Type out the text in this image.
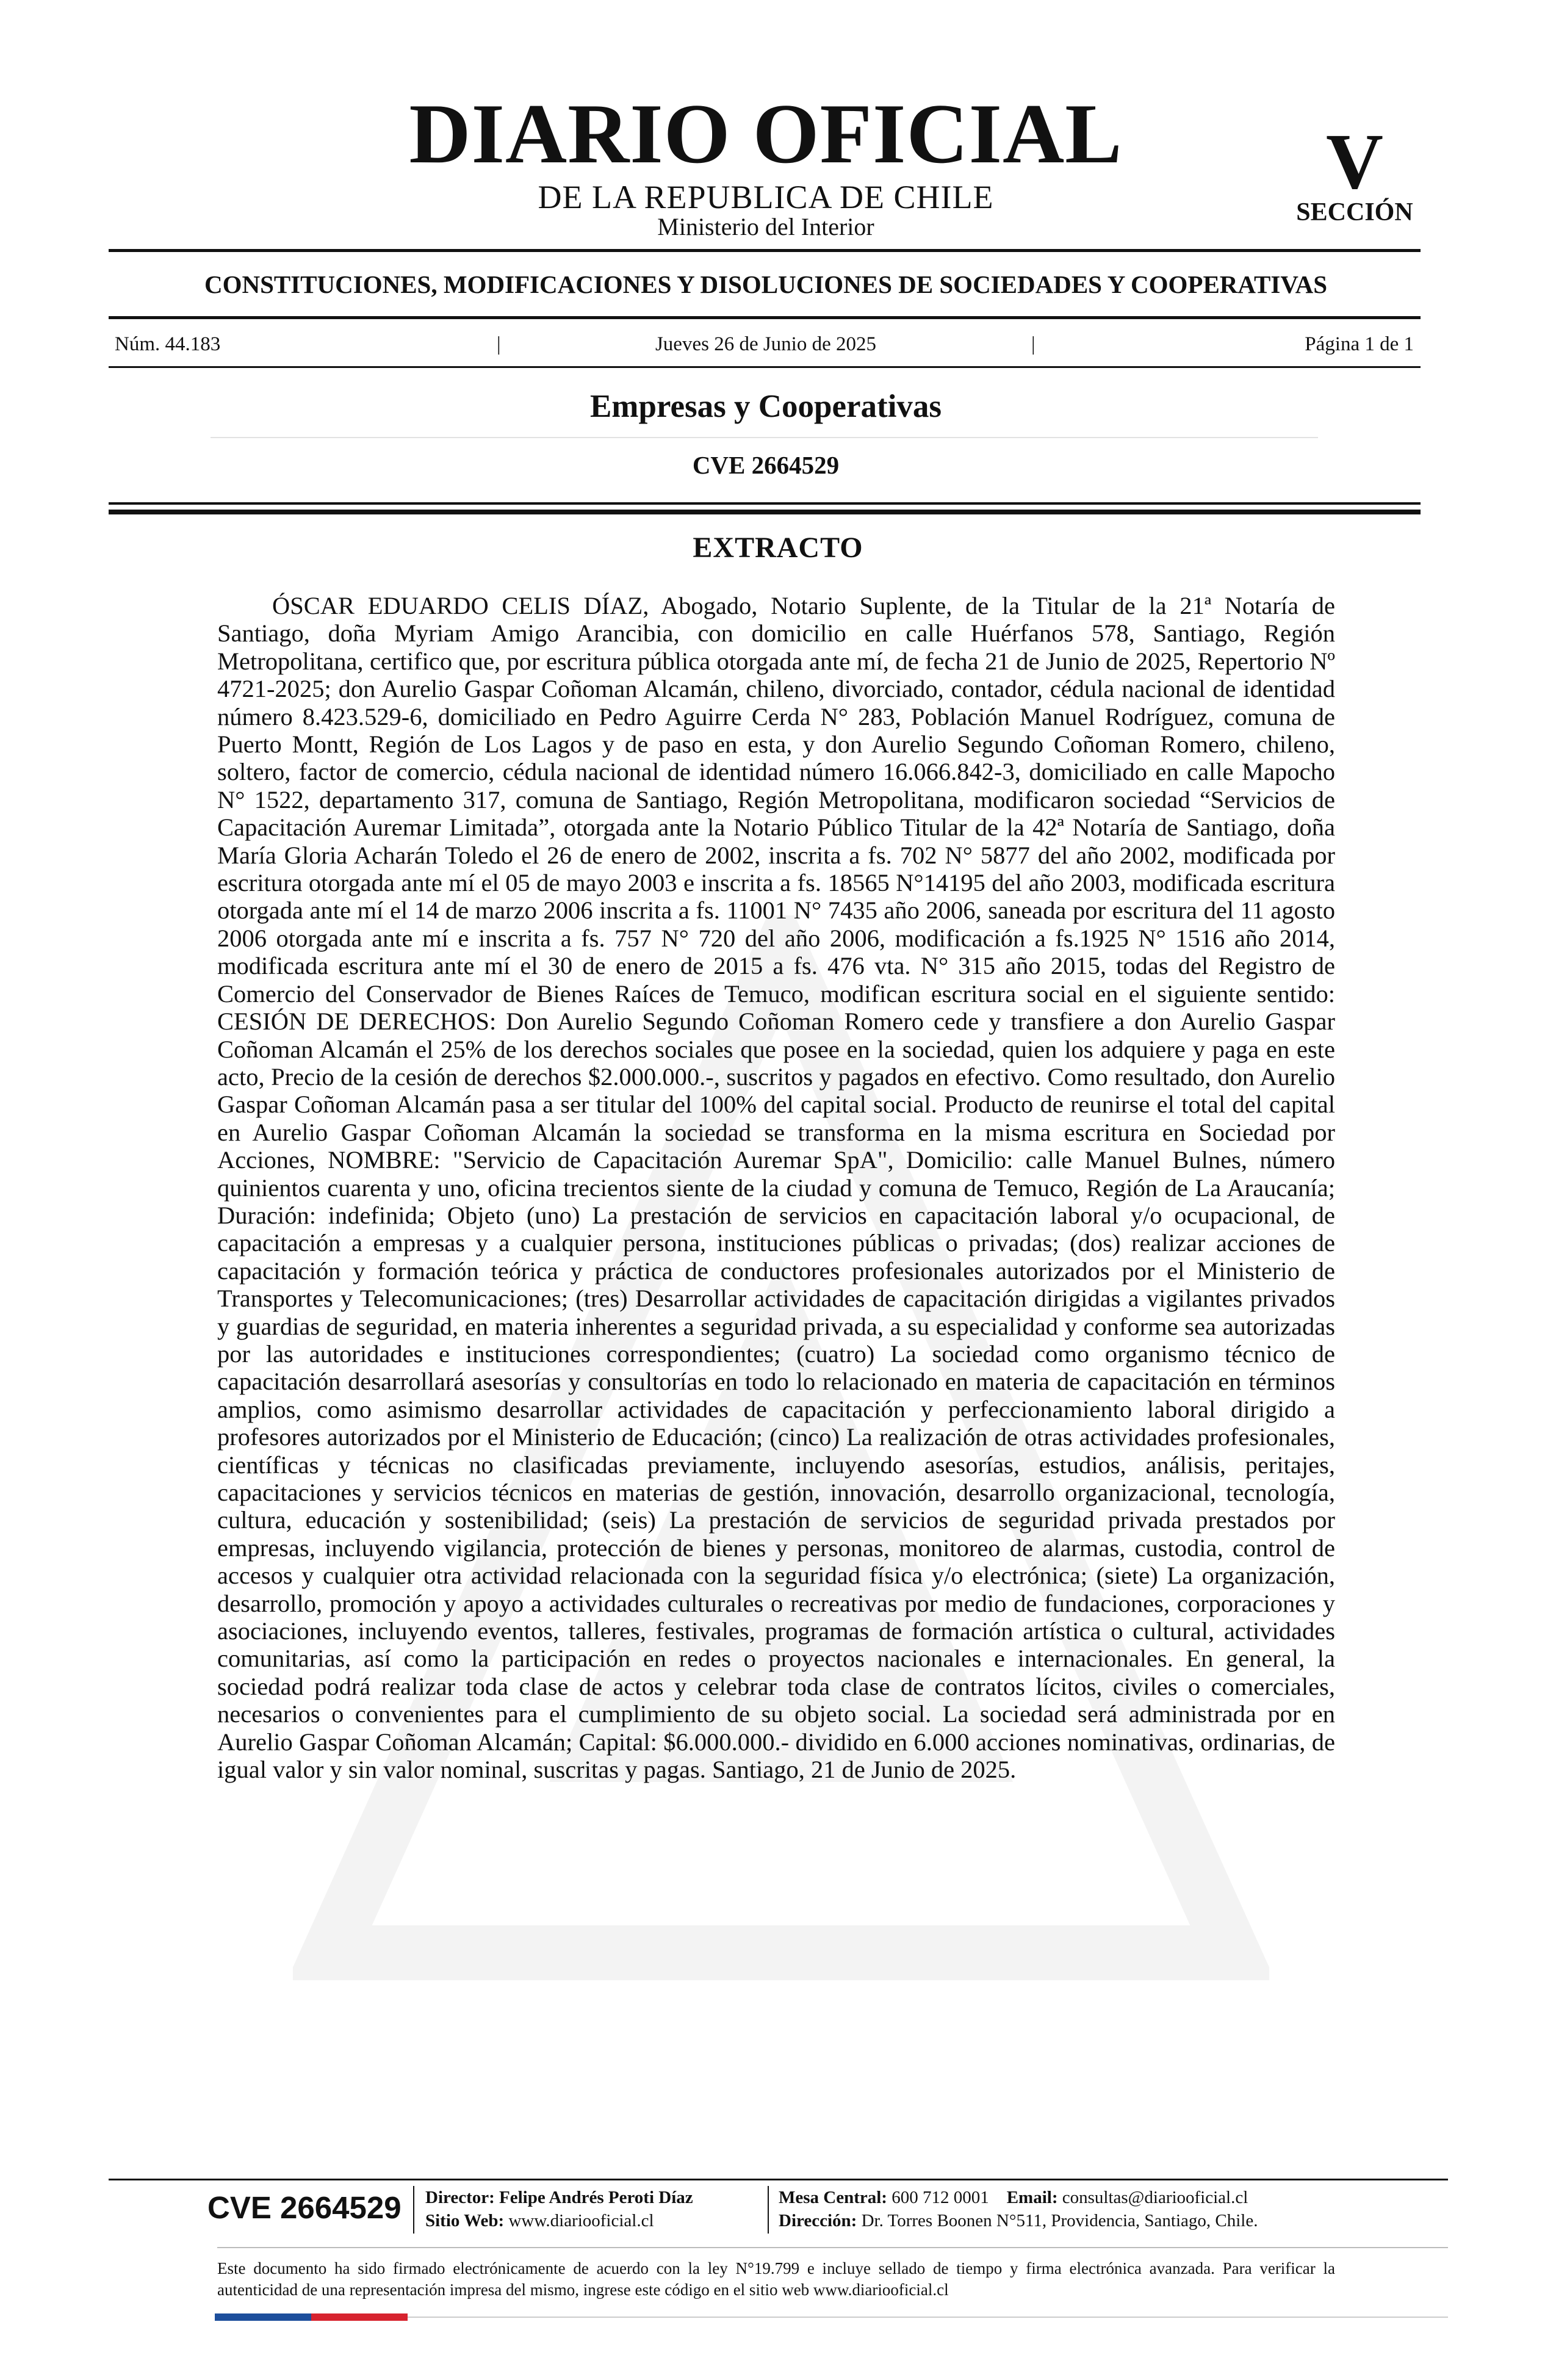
DIARIO OFICIAL
DE LA REPUBLICA DE CHILE
Ministerio del Interior
V
SECCIÓN
CONSTITUCIONES, MODIFICACIONES Y DISOLUCIONES DE SOCIEDADES Y COOPERATIVAS
Núm. 44.183	|	Jueves 26 de Junio de 2025	|	Página 1 de 1
Empresas y Cooperativas
CVE 2664529
EXTRACTO

ÓSCAR EDUARDO CELIS DÍAZ, Abogado, Notario Suplente, de la Titular de la 21ª Notaría de Santiago, doña Myriam Amigo Arancibia, con domicilio en calle Huérfanos 578, Santiago, Región Metropolitana, certifico que, por escritura pública otorgada ante mí, de fecha 21 de Junio de 2025, Repertorio Nº 4721-2025; don Aurelio Gaspar Coñoman Alcamán, chileno, divorciado, contador, cédula nacional de identidad número 8.423.529-6, domiciliado en Pedro Aguirre Cerda N° 283, Población Manuel Rodríguez, comuna de Puerto Montt, Región de Los Lagos y de paso en esta, y don Aurelio Segundo Coñoman Romero, chileno, soltero, factor de comercio, cédula nacional de identidad número 16.066.842-3, domiciliado en calle Mapocho N° 1522, departamento 317, comuna de Santiago, Región Metropolitana, modificaron sociedad “Servicios de Capacitación Auremar Limitada”, otorgada ante la Notario Público Titular de la 42ª Notaría de Santiago, doña María Gloria Acharán Toledo el 26 de enero de 2002, inscrita a fs. 702 N° 5877 del año 2002, modificada por escritura otorgada ante mí el 05 de mayo 2003 e inscrita a fs. 18565 N°14195 del año 2003, modificada escritura otorgada ante mí el 14 de marzo 2006 inscrita a fs. 11001 N° 7435 año 2006, saneada por escritura del 11 agosto 2006 otorgada ante mí e inscrita a fs. 757 N° 720 del año 2006, modificación a fs.1925 N° 1516 año 2014, modificada escritura ante mí el 30 de enero de 2015 a fs. 476 vta. N° 315 año 2015, todas del Registro de Comercio del Conservador de Bienes Raíces de Temuco, modifican escritura social en el siguiente sentido: CESIÓN DE DERECHOS: Don Aurelio Segundo Coñoman Romero cede y transfiere a don Aurelio Gaspar Coñoman Alcamán el 25% de los derechos sociales que posee en la sociedad, quien los adquiere y paga en este acto, Precio de la cesión de derechos $2.000.000.-, suscritos y pagados en efectivo. Como resultado, don Aurelio Gaspar Coñoman Alcamán pasa a ser titular del 100% del capital social. Producto de reunirse el total del capital en Aurelio Gaspar Coñoman Alcamán la sociedad se transforma en la misma escritura en Sociedad por Acciones, NOMBRE: "Servicio de Capacitación Auremar SpA", Domicilio: calle Manuel Bulnes, número quinientos cuarenta y uno, oficina trecientos siente de la ciudad y comuna de Temuco, Región de La Araucanía; Duración: indefinida; Objeto (uno) La prestación de servicios en capacitación laboral y/o ocupacional, de capacitación a empresas y a cualquier persona, instituciones públicas o privadas; (dos) realizar acciones de capacitación y formación teórica y práctica de conductores profesionales autorizados por el Ministerio de Transportes y Telecomunicaciones; (tres) Desarrollar actividades de capacitación dirigidas a vigilantes privados y guardias de seguridad, en materia inherentes a seguridad privada, a su especialidad y conforme sea autorizadas por las autoridades e instituciones correspondientes; (cuatro) La sociedad como organismo técnico de capacitación desarrollará asesorías y consultorías en todo lo relacionado en materia de capacitación en términos amplios, como asimismo desarrollar actividades de capacitación y perfeccionamiento laboral dirigido a profesores autorizados por el Ministerio de Educación; (cinco) La realización de otras actividades profesionales, científicas y técnicas no clasificadas previamente, incluyendo asesorías, estudios, análisis, peritajes, capacitaciones y servicios técnicos en materias de gestión, innovación, desarrollo organizacional, tecnología, cultura, educación y sostenibilidad; (seis) La prestación de servicios de seguridad privada prestados por empresas, incluyendo vigilancia, protección de bienes y personas, monitoreo de alarmas, custodia, control de accesos y cualquier otra actividad relacionada con la seguridad física y/o electrónica; (siete) La organización, desarrollo, promoción y apoyo a actividades culturales o recreativas por medio de fundaciones, corporaciones y asociaciones, incluyendo eventos, talleres, festivales, programas de formación artística o cultural, actividades comunitarias, así como la participación en redes o proyectos nacionales e internacionales. En general, la sociedad podrá realizar toda clase de actos y celebrar toda clase de contratos lícitos, civiles o comerciales, necesarios o convenientes para el cumplimiento de su objeto social. La sociedad será administrada por en Aurelio Gaspar Coñoman Alcamán; Capital: $6.000.000.- dividido en 6.000 acciones nominativas, ordinarias, de igual valor y sin valor nominal, suscritas y pagas. Santiago, 21 de Junio de 2025.

CVE 2664529 Director: Felipe Andrés Peroti Díaz
Sitio Web: www.diariooficial.cl
Mesa Central: 600 712 0001 Email: consultas@diariooficial.cl
Dirección: Dr. Torres Boonen N°511, Providencia, Santiago, Chile.
Este documento ha sido firmado electrónicamente de acuerdo con la ley N°19.799 e incluye sellado de tiempo y firma electrónica avanzada. Para verificar la autenticidad de una representación impresa del mismo, ingrese este código en el sitio web www.diariooficial.cl
